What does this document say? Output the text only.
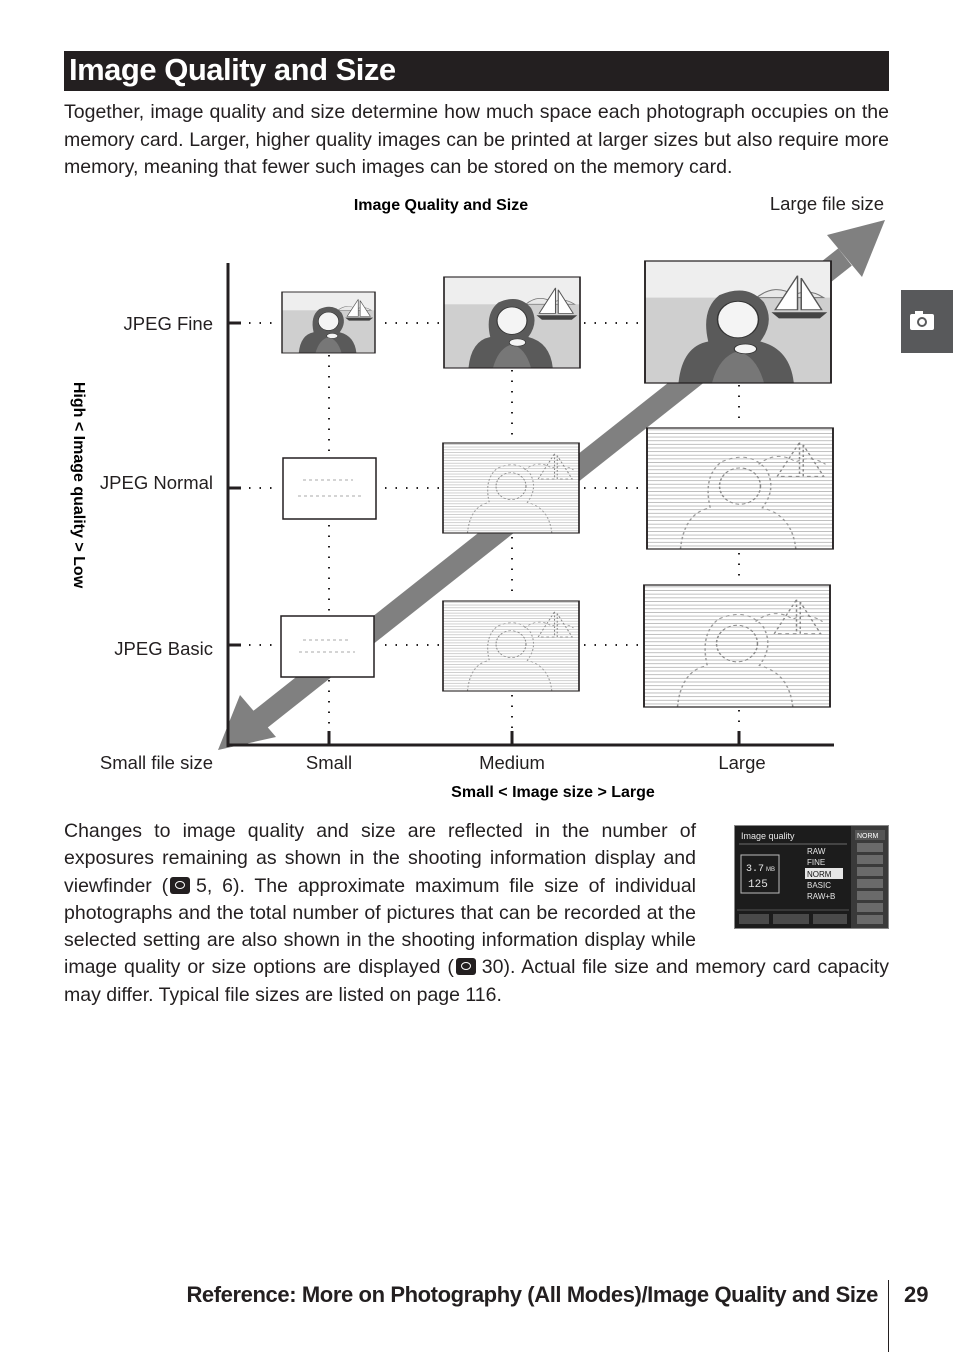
Image Quality and Size

Together, image quality and size determine how much space each photograph occupies on the memory card. Larger, higher quality images can be printed at larger sizes but also require more memory, meaning that fewer such images can be stored on the memory card.

Image Quality and Size	Large file size
JPEG Fine
JPEG Normal
JPEG Basic
Small file size	Small	Medium	Large
Small < Image size > Large
High < Image quality > Low
Image quality
3.7 MB
125
RAW
FINE
NORM
BASIC
RAW+B
NORM
Changes to image quality and size are reflected in the number of exposures remaining as shown in the shooting information display and viewfinder (  5, 6). The approximate maximum file size of individual photographs and the total number of pictures that can be recorded at the selected setting are also shown in the shooting information display while image quality or size options are displayed (  30). Actual file size and memory card capacity may differ. Typical file sizes are listed on page 116.
Reference: More on Photography (All Modes)/Image Quality and Size 29
